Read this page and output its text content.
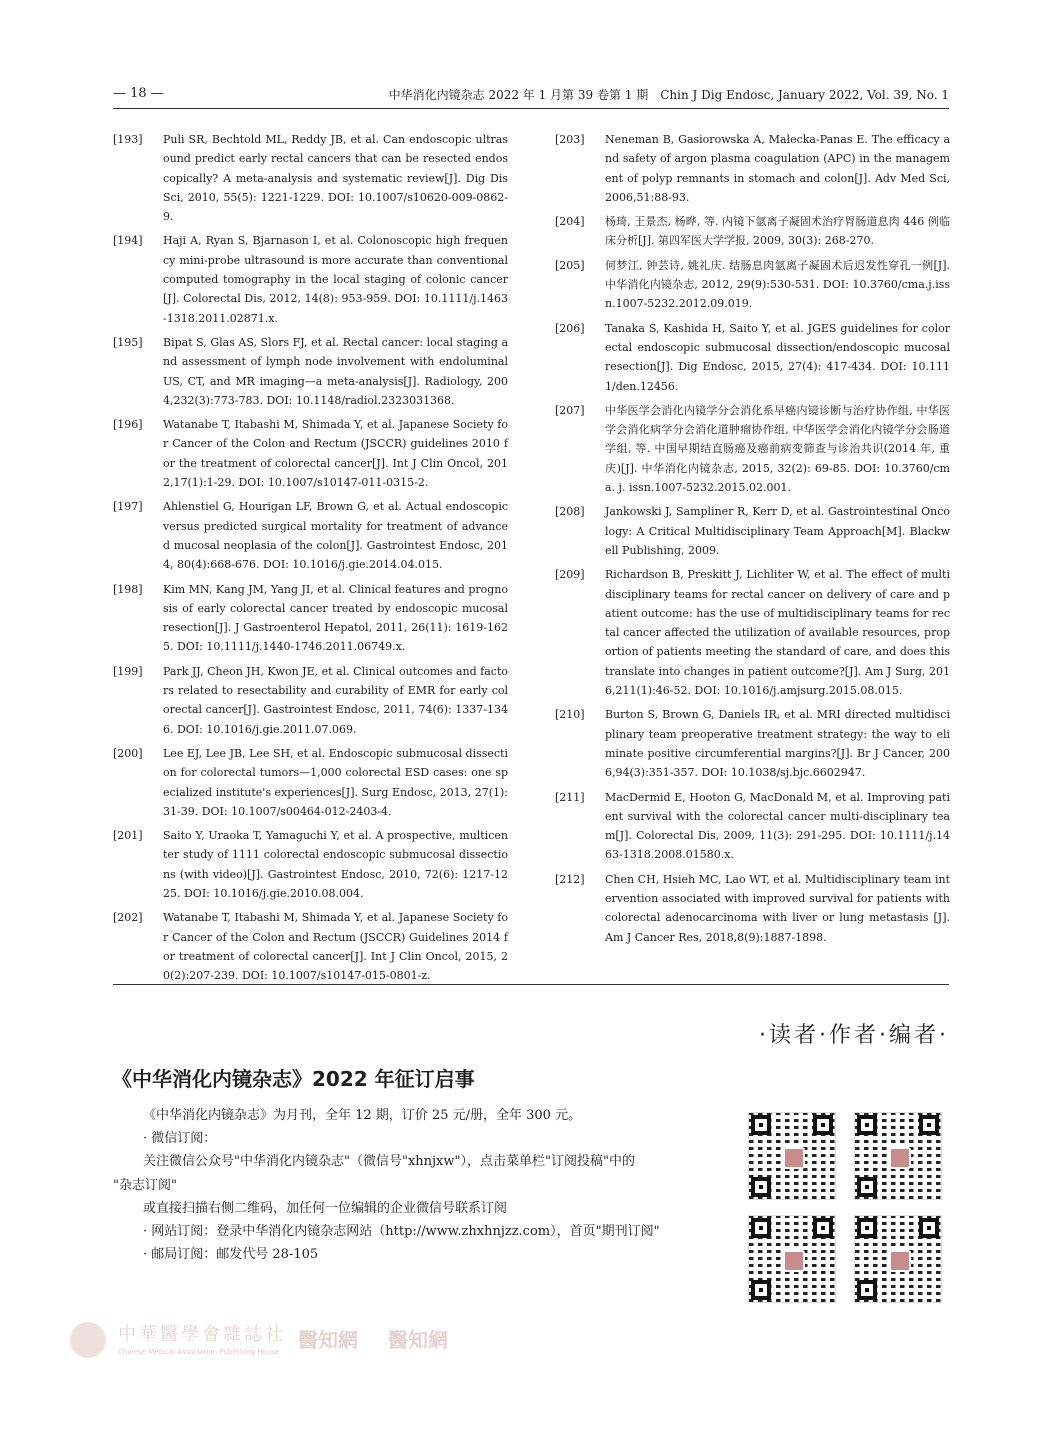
— 18 —	中华消化内镜杂志 2022 年 1 月第 39 卷第 1 期　Chin J Dig Endosc, January 2022, Vol. 39, No. 1
[193]	Puli SR, Bechtold ML, Reddy JB, et al. Can endoscopic ultrasound predict early rectal cancers that can be resected endoscopically? A meta-analysis and systematic review[J]. Dig Dis Sci, 2010, 55(5): 1221-1229. DOI: 10.1007/s10620-009-0862-9.
[194]	Haji A, Ryan S, Bjarnason I, et al. Colonoscopic high frequency mini-probe ultrasound is more accurate than conventional computed tomography in the local staging of colonic cancer[J]. Colorectal Dis, 2012, 14(8): 953-959. DOI: 10.1111/j.1463-1318.2011.02871.x.
[195]	Bipat S, Glas AS, Slors FJ, et al. Rectal cancer: local staging and assessment of lymph node involvement with endoluminal US, CT, and MR imaging—a meta-analysis[J]. Radiology, 2004,232(3):773-783. DOI: 10.1148/radiol.2323031368.
[196]	Watanabe T, Itabashi M, Shimada Y, et al. Japanese Society for Cancer of the Colon and Rectum (JSCCR) guidelines 2010 for the treatment of colorectal cancer[J]. Int J Clin Oncol, 2012,17(1):1-29. DOI: 10.1007/s10147-011-0315-2.
[197]	Ahlenstiel G, Hourigan LF, Brown G, et al. Actual endoscopic versus predicted surgical mortality for treatment of advanced mucosal neoplasia of the colon[J]. Gastrointest Endosc, 2014, 80(4):668-676. DOI: 10.1016/j.gie.2014.04.015.
[198]	Kim MN, Kang JM, Yang JI, et al. Clinical features and prognosis of early colorectal cancer treated by endoscopic mucosal resection[J]. J Gastroenterol Hepatol, 2011, 26(11): 1619-1625. DOI: 10.1111/j.1440-1746.2011.06749.x.
[199]	Park JJ, Cheon JH, Kwon JE, et al. Clinical outcomes and factors related to resectability and curability of EMR for early colorectal cancer[J]. Gastrointest Endosc, 2011, 74(6): 1337-1346. DOI: 10.1016/j.gie.2011.07.069.
[200]	Lee EJ, Lee JB, Lee SH, et al. Endoscopic submucosal dissection for colorectal tumors—1,000 colorectal ESD cases: one specialized institute's experiences[J]. Surg Endosc, 2013, 27(1):31-39. DOI: 10.1007/s00464-012-2403-4.
[201]	Saito Y, Uraoka T, Yamaguchi Y, et al. A prospective, multicenter study of 1111 colorectal endoscopic submucosal dissections (with video)[J]. Gastrointest Endosc, 2010, 72(6): 1217-1225. DOI: 10.1016/j.gie.2010.08.004.
[202]	Watanabe T, Itabashi M, Shimada Y, et al. Japanese Society for Cancer of the Colon and Rectum (JSCCR) Guidelines 2014 for treatment of colorectal cancer[J]. Int J Clin Oncol, 2015, 20(2):207-239. DOI: 10.1007/s10147-015-0801-z.
[203]	Neneman B, Gasiorowska A, Małecka-Panas E. The efficacy and safety of argon plasma coagulation (APC) in the management of polyp remnants in stomach and colon[J]. Adv Med Sci, 2006,51:88-93.
[204]	杨琦, 王景杰, 杨晔, 等. 内镜下氩离子凝固术治疗胃肠道息肉 446 例临床分析[J]. 第四军医大学学报, 2009, 30(3): 268-270.
[205]	何梦江, 钟芸诗, 姚礼庆. 结肠息肉氩离子凝固术后迟发性穿孔一例[J]. 中华消化内镜杂志, 2012, 29(9):530-531. DOI: 10.3760/cma.j.issn.1007-5232.2012.09.019.
[206]	Tanaka S, Kashida H, Saito Y, et al. JGES guidelines for colorectal endoscopic submucosal dissection/endoscopic mucosal resection[J]. Dig Endosc, 2015, 27(4): 417-434. DOI: 10.1111/den.12456.
[207]	中华医学会消化内镜学分会消化系早癌内镜诊断与治疗协作组, 中华医学会消化病学分会消化道肿瘤协作组, 中华医学会消化内镜学分会肠道学组, 等. 中国早期结直肠癌及癌前病变筛查与诊治共识(2014 年, 重庆)[J]. 中华消化内镜杂志, 2015, 32(2): 69-85. DOI: 10.3760/cma. j. issn.1007-5232.2015.02.001.
[208]	Jankowski J, Sampliner R, Kerr D, et al. Gastrointestinal Oncology: A Critical Multidisciplinary Team Approach[M]. Blackwell Publishing, 2009.
[209]	Richardson B, Preskitt J, Lichliter W, et al. The effect of multidisciplinary teams for rectal cancer on delivery of care and patient outcome: has the use of multidisciplinary teams for rectal cancer affected the utilization of available resources, proportion of patients meeting the standard of care, and does this translate into changes in patient outcome?[J]. Am J Surg, 2016,211(1):46-52. DOI: 10.1016/j.amjsurg.2015.08.015.
[210]	Burton S, Brown G, Daniels IR, et al. MRI directed multidisciplinary team preoperative treatment strategy: the way to eliminate positive circumferential margins?[J]. Br J Cancer, 2006,94(3):351-357. DOI: 10.1038/sj.bjc.6602947.
[211]	MacDermid E, Hooton G, MacDonald M, et al. Improving patient survival with the colorectal cancer multi-disciplinary team[J]. Colorectal Dis, 2009, 11(3): 291-295. DOI: 10.1111/j.1463-1318.2008.01580.x.
[212]	Chen CH, Hsieh MC, Lao WT, et al. Multidisciplinary team intervention associated with improved survival for patients with colorectal adenocarcinoma with liver or lung metastasis [J]. Am J Cancer Res, 2018,8(9):1887-1898.
·读者·作者·编者·
《中华消化内镜杂志》2022 年征订启事

《中华消化内镜杂志》为月刊，全年 12 期，订价 25 元/册，全年 300 元。

· 微信订阅：

关注微信公众号"中华消化内镜杂志"（微信号"xhnjxw"），点击菜单栏"订阅投稿"中的

"杂志订阅"

或直接扫描右侧二维码，加任何一位编辑的企业微信号联系订阅

· 网站订阅：登录中华消化内镜杂志网站（http://www.zhxhnjzz.com），首页"期刊订阅"

· 邮局订阅：邮发代号 28-105

中華醫學會雜誌社
Chinese Medical Association Publishing House 醫知網 醫知網
